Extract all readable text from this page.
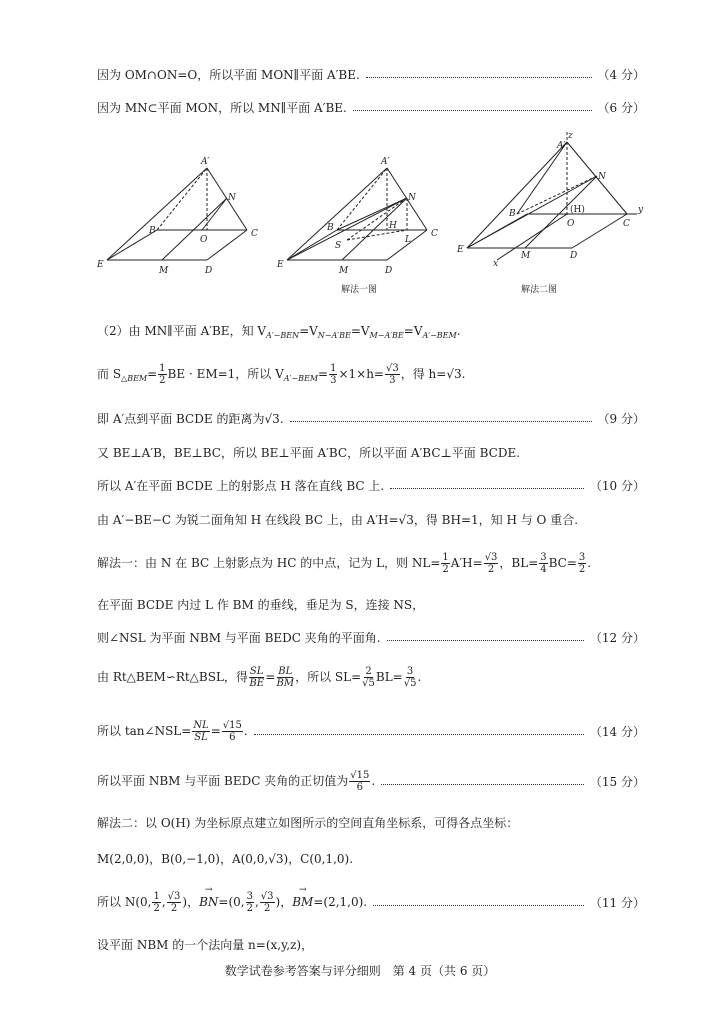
因为 OM∩ON=O，所以平面 MON∥平面 A′BE.	（4 分）
因为 MN⊂平面 MON，所以 MN∥平面 A′BE.	（6 分）
A′
N
B
O
C
E
M	D
A′
N
B	H
S
L
C
E
M	D
解法一图
z
A′
N
B	(H)
O	C
y
E
M	D
x
解法二图
（2）由 MN∥平面 A′BE，知 $V_{A'-BEN}=V_{N-A'BE}=V_{M-A'BE}=V_{A'-BEM}$.
而 $S_{\triangle BEM}= \frac{1}{2}$ BE · EM=1，所以 $V_{A'-BEM}= \frac{1}{3} \times 1\times h= \frac{√3}{3}$ ，得 h=√3.
即 A′点到平面 BCDE 的距离为√3.	（9 分）
又 BE⊥A′B，BE⊥BC，所以 BE⊥平面 A′BC，所以平面 A′BC⊥平面 BCDE.
所以 A′在平面 BCDE 上的射影点 H 落在直线 BC 上.	（10 分）
由 A′−BE−C 为锐二面角知 H 在线段 BC 上，由 A′H=√3，得 BH=1，知 H 与 O 重合.
解法一：由 N 在 BC 上射影点为 HC 的中点，记为 L，则 $NL= \frac{1}{2} A'H= \frac{√3}{2}$ ，$BL= \frac{3}{4} BC= \frac{3}{2}$ .
在平面 BCDE 内过 L 作 BM 的垂线，垂足为 S，连接 NS，
则∠NSL 为平面 NBM 与平面 BEDC 夹角的平面角.	（12 分）
由 Rt△BEM∽Rt△BSL，得 $\frac{SL}{BE} = \frac{BL}{BM}$ ，所以 $SL= \frac{2}{√5} BL= \frac{3}{√5}$ .
所以 tan∠NSL= $\frac{NL}{SL} = \frac{√15}{6}$ .	（14 分）
所以平面 NBM 与平面 BEDC 夹角的正切值为 $\frac{√15}{6}$ .	（15 分）
解法二：以 O(H) 为坐标原点建立如图所示的空间直角坐标系，可得各点坐标：
M(2,0,0)，B(0,−1,0)，A(0,0,√3)，C(0,1,0).
所以 N(0, $\frac{1}{2}$ , $\frac{√3}{2}$ )，BN →=(0, $\frac{3}{2}$ , $\frac{√3}{2}$ )，BM →=(2,1,0).	（11 分）
设平面 NBM 的一个法向量 n=(x,y,z)，
数学试卷参考答案与评分细则　第 4 页（共 6 页）
